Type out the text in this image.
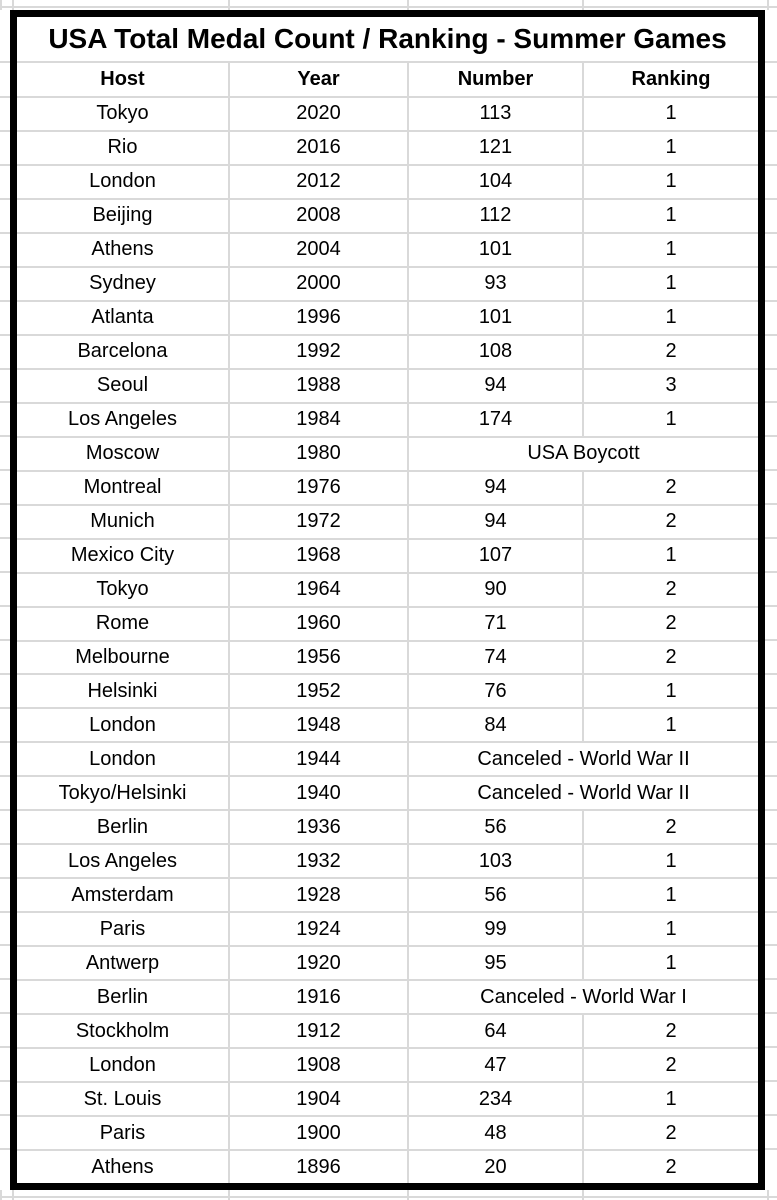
USA Total Medal Count / Ranking - Summer Games			
Host	Year	Number	Ranking
Tokyo	2020	113	1
Rio	2016	121	1
London	2012	104	1
Beijing	2008	112	1
Athens	2004	101	1
Sydney	2000	93	1
Atlanta	1996	101	1
Barcelona	1992	108	2
Seoul	1988	94	3
Los Angeles	1984	174	1
Moscow	1980	USA Boycott	
Montreal	1976	94	2
Munich	1972	94	2
Mexico City	1968	107	1
Tokyo	1964	90	2
Rome	1960	71	2
Melbourne	1956	74	2
Helsinki	1952	76	1
London	1948	84	1
London	1944	Canceled - World War II	
Tokyo/Helsinki	1940	Canceled - World War II	
Berlin	1936	56	2
Los Angeles	1932	103	1
Amsterdam	1928	56	1
Paris	1924	99	1
Antwerp	1920	95	1
Berlin	1916	Canceled - World War I	
Stockholm	1912	64	2
London	1908	47	2
St. Louis	1904	234	1
Paris	1900	48	2
Athens	1896	20	2
